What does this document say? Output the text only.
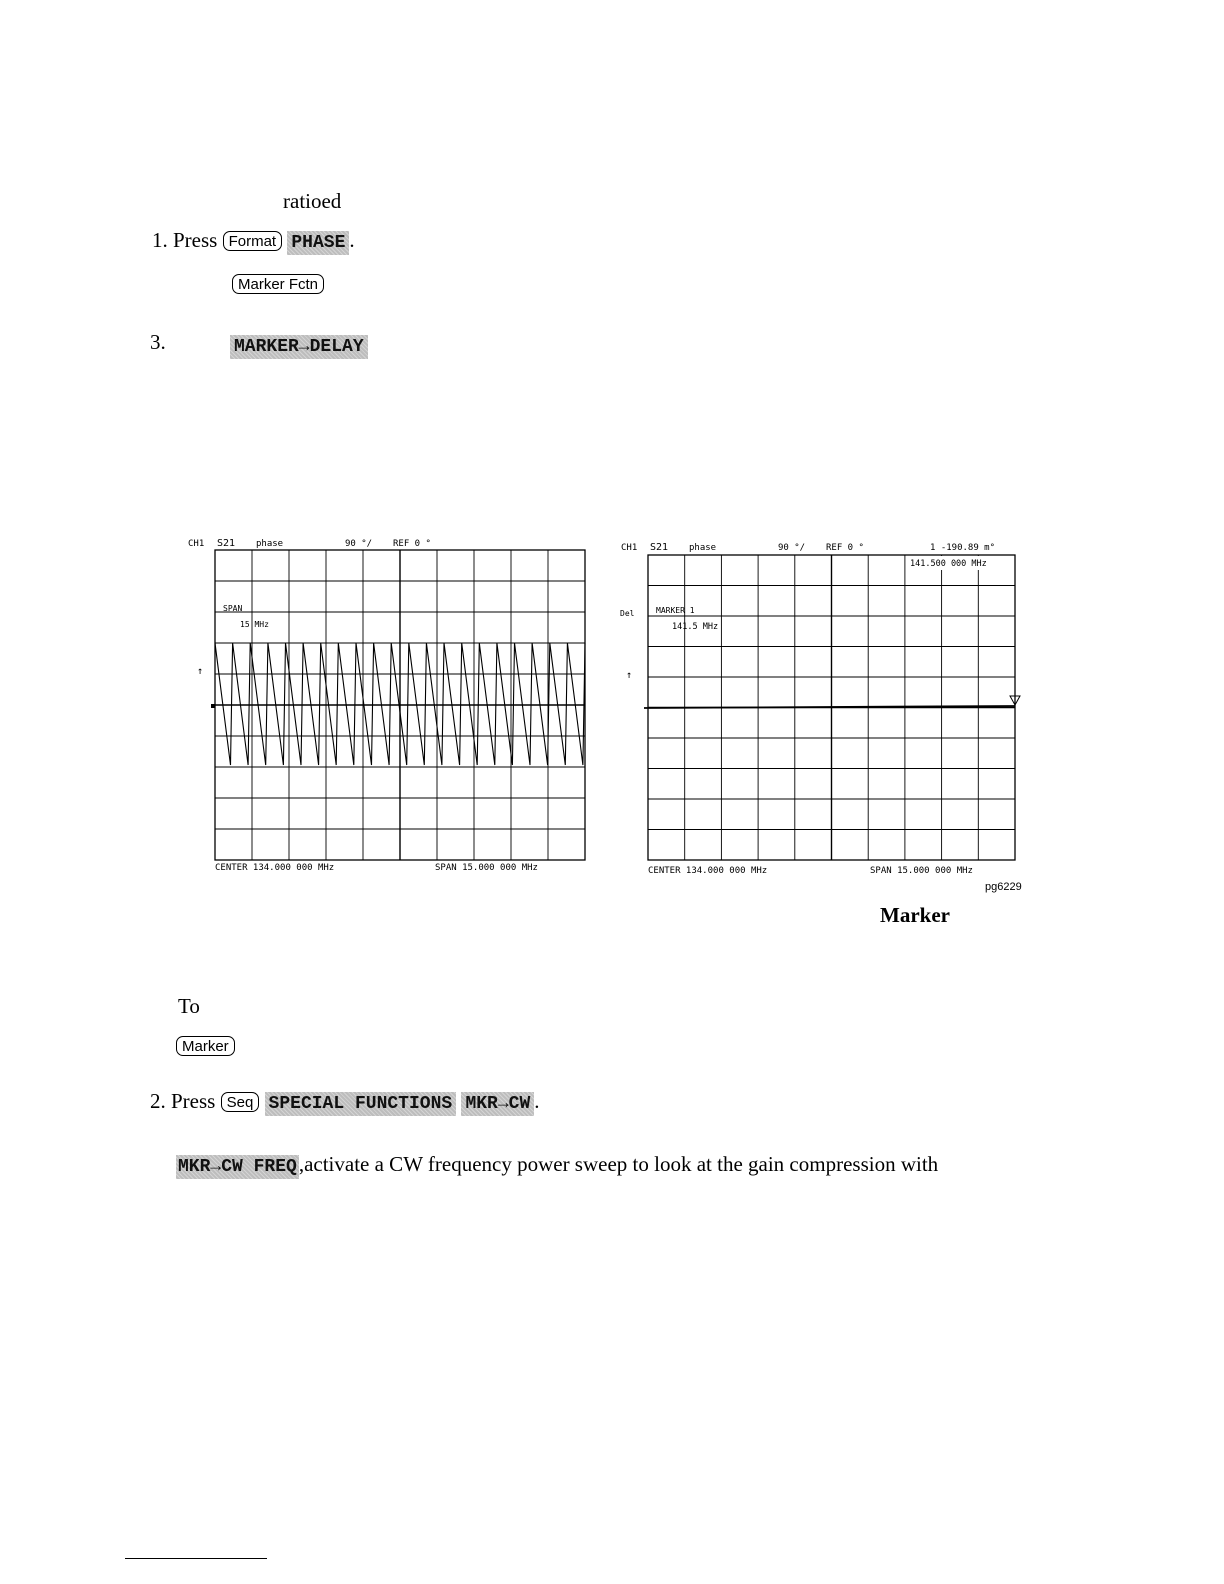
ratioed
1. Press Format PHASE .
Marker Fctn
3.	MARKER→DELAY
CH1 S21 phase	90 °/ REF 0 °
SPAN
15 MHz
↑
CENTER 134.000 000 MHz	SPAN 15.000 000 MHz
CH1 S21 phase	90 °/ REF 0 °	1 -190.89 m°
141.500 000 MHz
Del	MARKER 1
141.5 MHz
↑
CENTER 134.000 000 MHz	SPAN 15.000 000 MHz
pg6229
Marker
To
Marker
2. Press Seq SPECIAL FUNCTIONS MKR→CW .
MKR→CW FREQ,activate a CW frequency power sweep to look at the gain compression with
